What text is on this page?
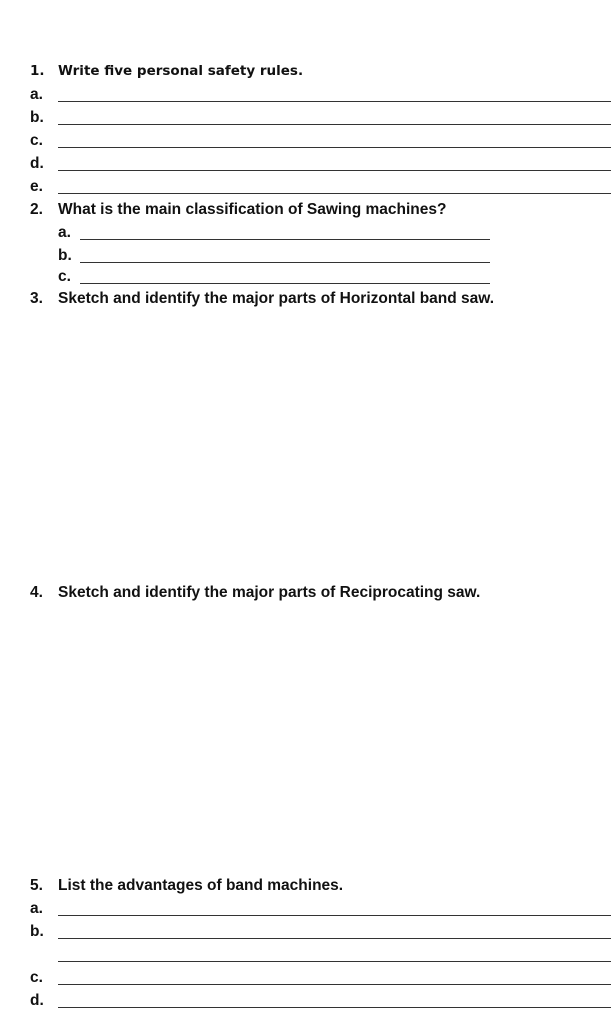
1. Write five personal safety rules.
a.
b.
c.
d.
e.
2. What is the main classification of Sawing machines?
a.
b.
c.
3. Sketch and identify the major parts of Horizontal band saw.
4. Sketch and identify the major parts of Reciprocating saw.
5. List the advantages of band machines.
a.
b.
c.
d.
